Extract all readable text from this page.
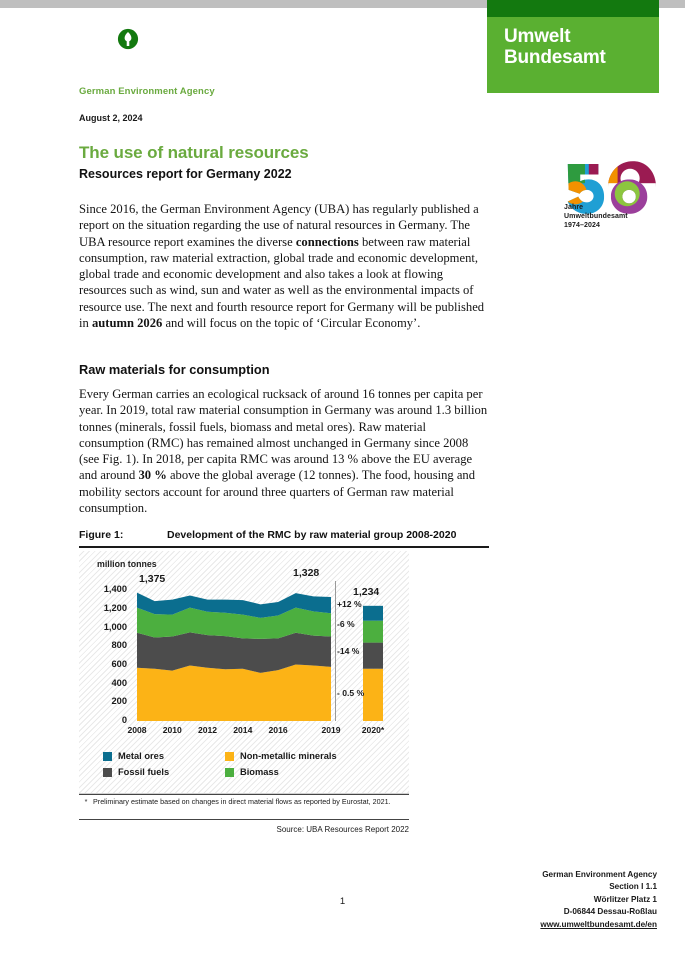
Umwelt
Bundesamt
German Environment Agency
August 2, 2024
The use of natural resources
Resources report for Germany 2022
Jahre
Umweltbundesamt
1974–2024
Since 2016, the German Environment Agency (UBA) has regularly published a report on the situation regarding the use of natural resources in Germany. The UBA resource report examines the diverse connections between raw material consumption, raw material extraction, global trade and economic development, global trade and economic development and also takes a look at flowing resources such as wind, sun and water as well as the environmental impacts of resource use. The next and fourth resource report for Germany will be published in autumn 2026 and will focus on the topic of ‘Circular Economy’.
Raw materials for consumption
Every German carries an ecological rucksack of around 16 tonnes per capita per year. In 2019, total raw material consumption in Germany was around 1.3 billion tonnes (minerals, fossil fuels, biomass and metal ores). Raw material consumption (RMC) has remained almost unchanged in Germany since 2008 (see Fig. 1). In 2018, per capita RMC was around 13 % above the EU average and around 30 % above the global average (12 tonnes). The food, housing and mobility sectors account for around three quarters of German raw material consumption.
Figure 1:	Development of the RMC by raw material group 2008-2020
million tonnes
0
200
400
600
800
1,000
1,200
1,400
2008	2010	2012	2014	2016	2019	2020*
- 0.5 %
-14 %
-6 %
+12 %
1,375	1,328
1,234
Metal ores	Non-metallic minerals
Fossil fuels	Biomass
* Preliminary estimate based on changes in direct material flows as reported by Eurostat, 2021.
Source: UBA Resources Report 2022
German Environment Agency
Section I 1.1
Wörlitzer Platz 1
D-06844 Dessau-Roßlau
www.umweltbundesamt.de/en
1
